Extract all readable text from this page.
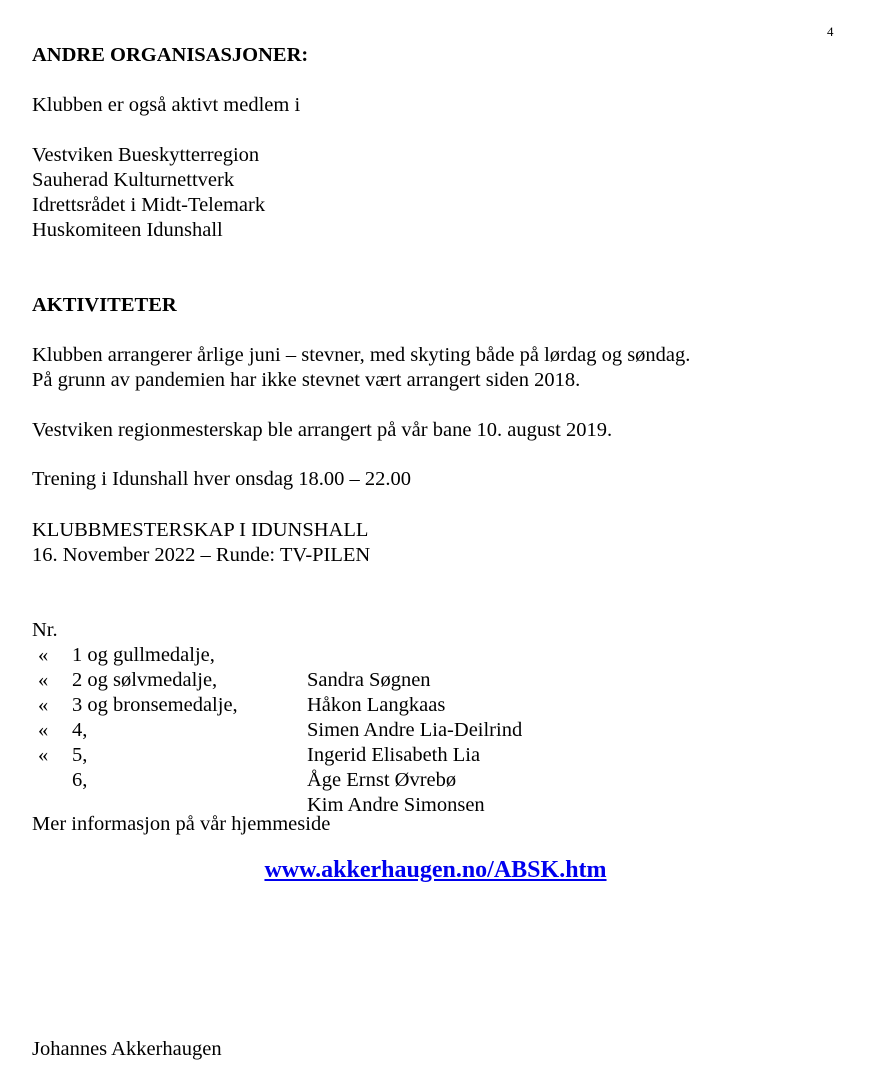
4
ANDRE ORGANISASJONER:
Klubben er også aktivt medlem i
Vestviken Bueskytterregion
Sauherad Kulturnettverk
Idrettsrådet i Midt-Telemark
Huskomiteen Idunshall
AKTIVITETER
Klubben arrangerer årlige juni – stevner, med skyting både på lørdag og søndag.
På grunn av pandemien har ikke stevnet vært arrangert siden 2018.
Vestviken regionmesterskap ble arrangert på vår bane 10. august 2019.
Trening i Idunshall hver onsdag 18.00 – 22.00
KLUBBMESTERSKAP I IDUNSHALL
16. November 2022 – Runde: TV-PILEN

Nr.

1 og gullmedalje,

Sandra Søgnen

«

2 og sølvmedalje,

Håkon Langkaas

«

3 og bronsemedalje,

Simen Andre Lia-Deilrind

«

4,

Ingerid Elisabeth Lia

«

5,

Åge Ernst Øvrebø

«

6,

Kim Andre Simonsen

Mer informasjon på vår hjemmeside
www.akkerhaugen.no/ABSK.htm
Johannes Akkerhaugen
